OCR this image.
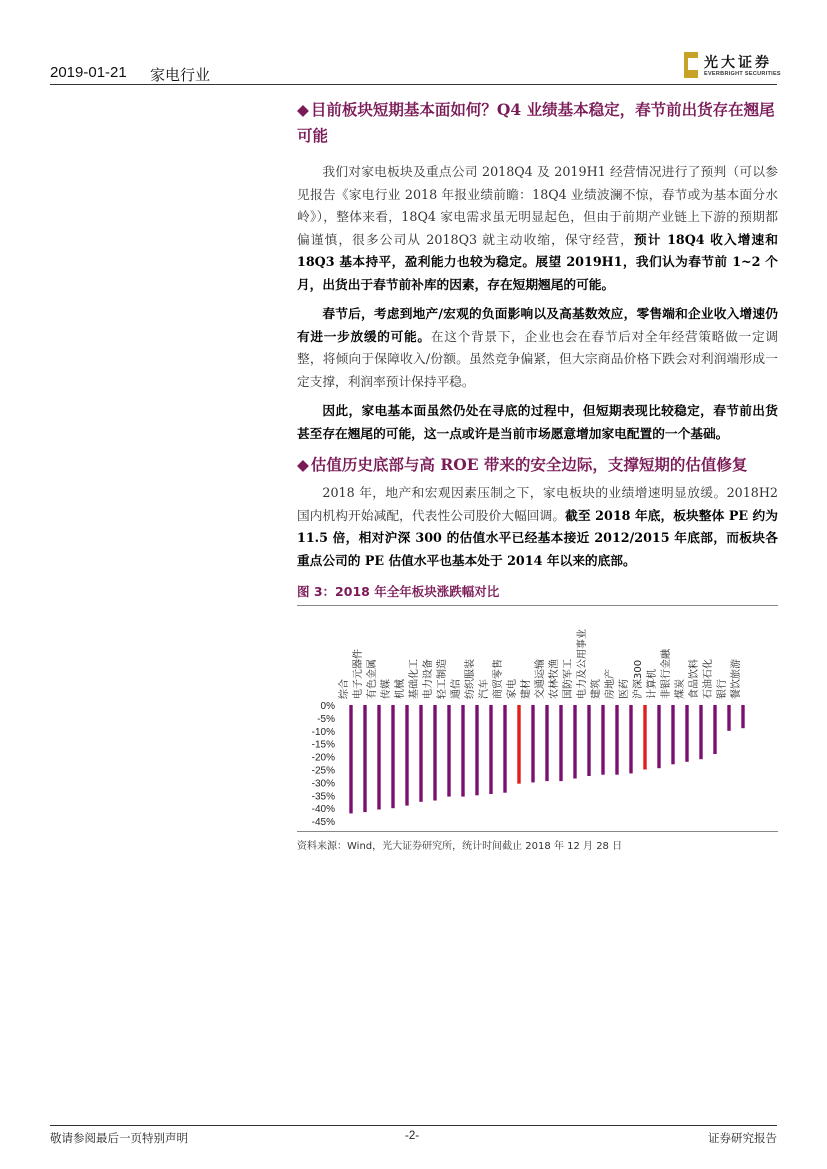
2019-01-21 家电行业
光大证券
EVERBRIGHT SECURITIES
◆ 目前板块短期基本面如何？Q4 业绩基本稳定，春节前出货存在翘尾可能

我们对家电板块及重点公司 2018Q4 及 2019H1 经营情况进行了预判（可以参见报告《家电行业 2018 年报业绩前瞻：18Q4 业绩波澜不惊，春节或为基本面分水岭》），整体来看，18Q4 家电需求虽无明显起色，但由于前期产业链上下游的预期都偏谨慎，很多公司从 2018Q3 就主动收缩，保守经营，预计 18Q4 收入增速和 18Q3 基本持平，盈利能力也较为稳定。展望 2019H1，我们认为春节前 1~2 个月，出货出于春节前补库的因素，存在短期翘尾的可能。

春节后，考虑到地产/宏观的负面影响以及高基数效应，零售端和企业收入增速仍有进一步放缓的可能。在这个背景下，企业也会在春节后对全年经营策略做一定调整，将倾向于保障收入/份额。虽然竞争偏紧，但大宗商品价格下跌会对利润端形成一定支撑，利润率预计保持平稳。

因此，家电基本面虽然仍处在寻底的过程中，但短期表现比较稳定，春节前出货甚至存在翘尾的可能，这一点或许是当前市场愿意增加家电配置的一个基础。

◆ 估值历史底部与高 ROE 带来的安全边际，支撑短期的估值修复

2018 年，地产和宏观因素压制之下，家电板块的业绩增速明显放缓。2018H2 国内机构开始减配，代表性公司股价大幅回调。截至 2018 年底，板块整体 PE 约为 11.5 倍，相对沪深 300 的估值水平已经基本接近 2012/2015 年底部，而板块各重点公司的 PE 估值水平也基本处于 2014 年以来的底部。

图 3：2018 年全年板块涨跌幅对比
0%
-5%
-10%
-15%
-20%
-25%
-30%
-35%
-40%
-45%
综合 电子元器件 有色金属 传媒 机械 基础化工 电力设备 轻工制造 通信 纺织服装 汽车 商贸零售 家电 建材 交通运输 农林牧渔 国防军工 电力及公用事业 建筑 房地产 医药 沪深300 计算机 非银行金融 煤炭 食品饮料 石油石化 银行 餐饮旅游
资料来源：Wind，光大证券研究所，统计时间截止 2018 年 12 月 28 日
敬请参阅最后一页特别声明	-2-	证券研究报告
